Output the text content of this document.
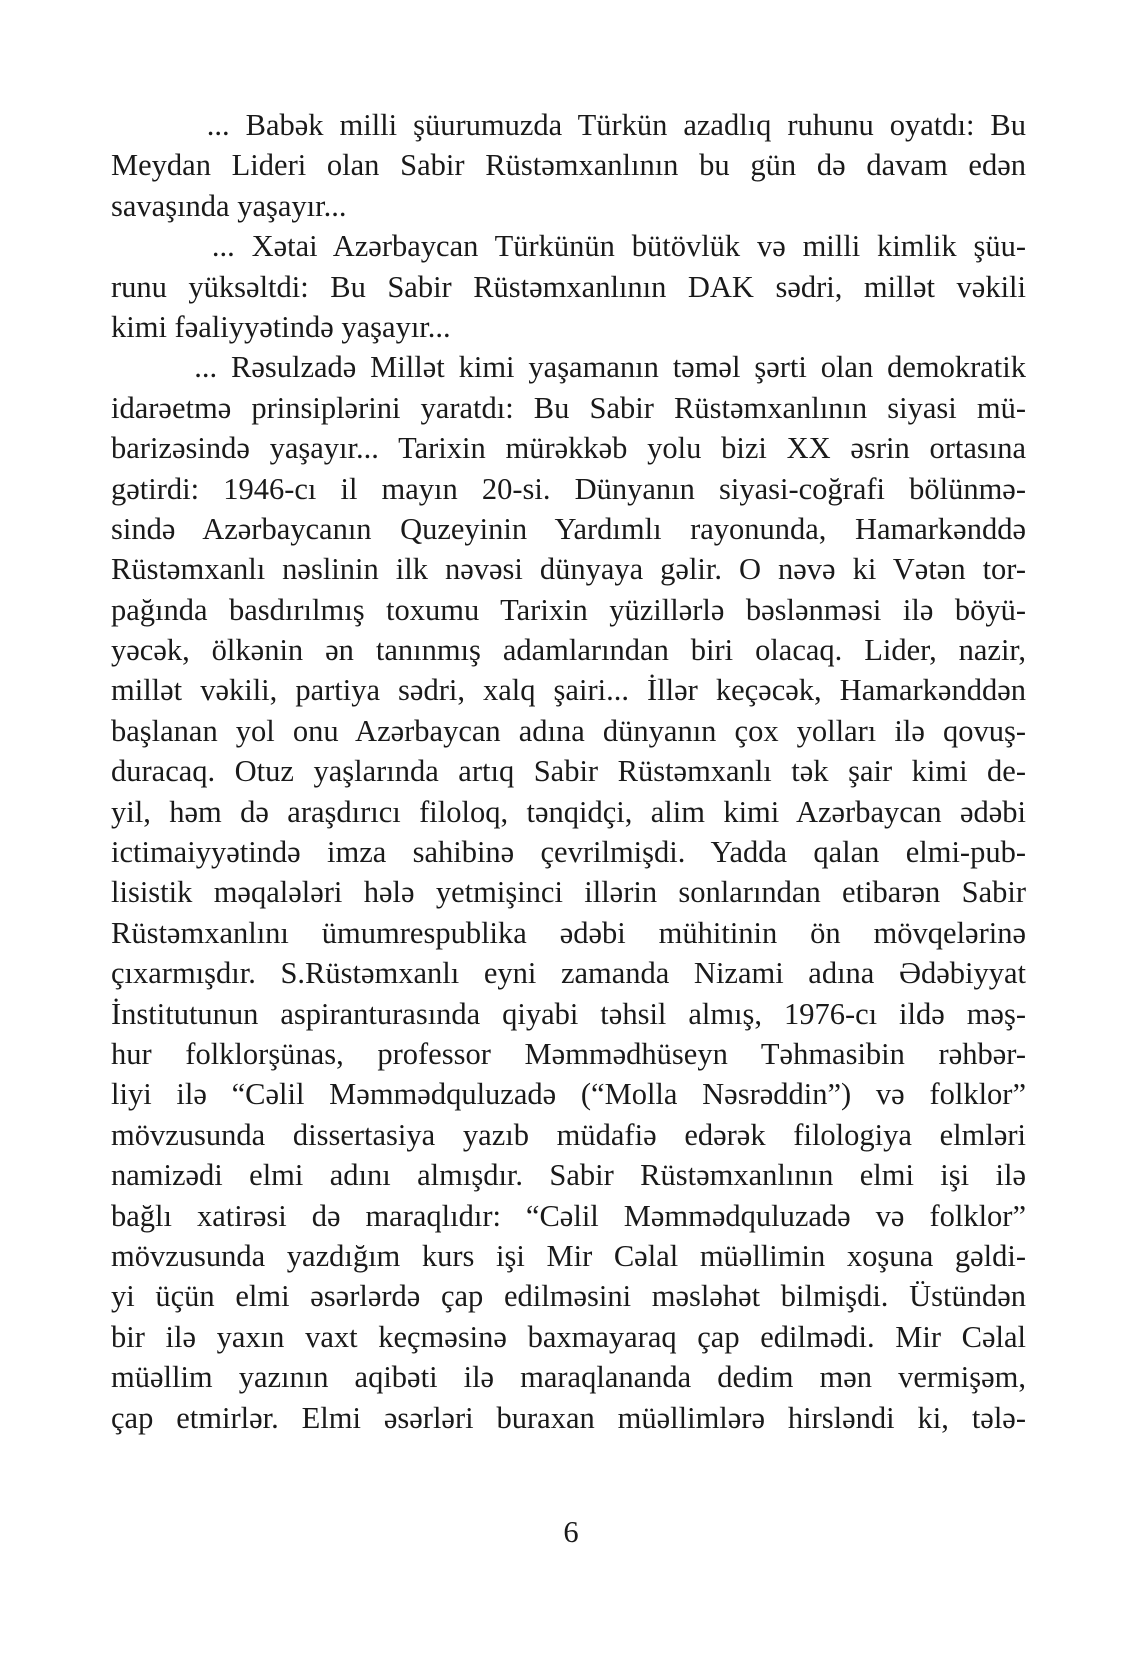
... Babək milli şüurumuzda Türkün azadlıq ruhunu oyatdı: Bu
Meydan Lideri olan Sabir Rüstəmxanlının bu gün də davam edən
savaşında yaşayır...
... Xətai Azərbaycan Türkünün bütövlük və milli kimlik şüu-
runu yüksəltdi: Bu Sabir Rüstəmxanlının DAK sədri, millət vəkili
kimi fəaliyyətində yaşayır...
... Rəsulzadə Millət kimi yaşamanın təməl şərti olan demokratik
idarəetmə prinsiplərini yaratdı: Bu Sabir Rüstəmxanlının siyasi mü-
barizəsində yaşayır... Tarixin mürəkkəb yolu bizi XX əsrin ortasına
gətirdi: 1946-cı il mayın 20-si. Dünyanın siyasi-coğrafi bölünmə-
sində Azərbaycanın Quzeyinin Yardımlı rayonunda, Hamarkənddə
Rüstəmxanlı nəslinin ilk nəvəsi dünyaya gəlir. O nəvə ki Vətən tor-
pağında basdırılmış toxumu Tarixin yüzillərlə bəslənməsi ilə böyü-
yəcək, ölkənin ən tanınmış adamlarından biri olacaq. Lider, nazir,
millət vəkili, partiya sədri, xalq şairi... İllər keçəcək, Hamarkənddən
başlanan yol onu Azərbaycan adına dünyanın çox yolları ilə qovuş-
duracaq. Otuz yaşlarında artıq Sabir Rüstəmxanlı tək şair kimi de-
yil, həm də araşdırıcı filoloq, tənqidçi, alim kimi Azərbaycan ədəbi
ictimaiyyətində imza sahibinə çevrilmişdi. Yadda qalan elmi-pub-
lisistik məqalələri hələ yetmişinci illərin sonlarından etibarən Sabir
Rüstəmxanlını ümumrespublika ədəbi mühitinin ön mövqelərinə
çıxarmışdır. S.Rüstəmxanlı eyni zamanda Nizami adına Ədəbiyyat
İnstitutunun aspiranturasında qiyabi təhsil almış, 1976-cı ildə məş-
hur folklorşünas, professor Məmmədhüseyn Təhmasibin rəhbər-
liyi ilə “Cəlil Məmmədquluzadə (“Molla Nəsrəddin”) və folklor”
mövzusunda dissertasiya yazıb müdafiə edərək filologiya elmləri
namizədi elmi adını almışdır. Sabir Rüstəmxanlının elmi işi ilə
bağlı xatirəsi də maraqlıdır: “Cəlil Məmmədquluzadə və folklor”
mövzusunda yazdığım kurs işi Mir Cəlal müəllimin xoşuna gəldi-
yi üçün elmi əsərlərdə çap edilməsini məsləhət bilmişdi. Üstündən
bir ilə yaxın vaxt keçməsinə baxmayaraq çap edilmədi. Mir Cəlal
müəllim yazının aqibəti ilə maraqlananda dedim mən vermişəm,
çap etmirlər. Elmi əsərləri buraxan müəllimlərə hirsləndi ki, tələ-
6
